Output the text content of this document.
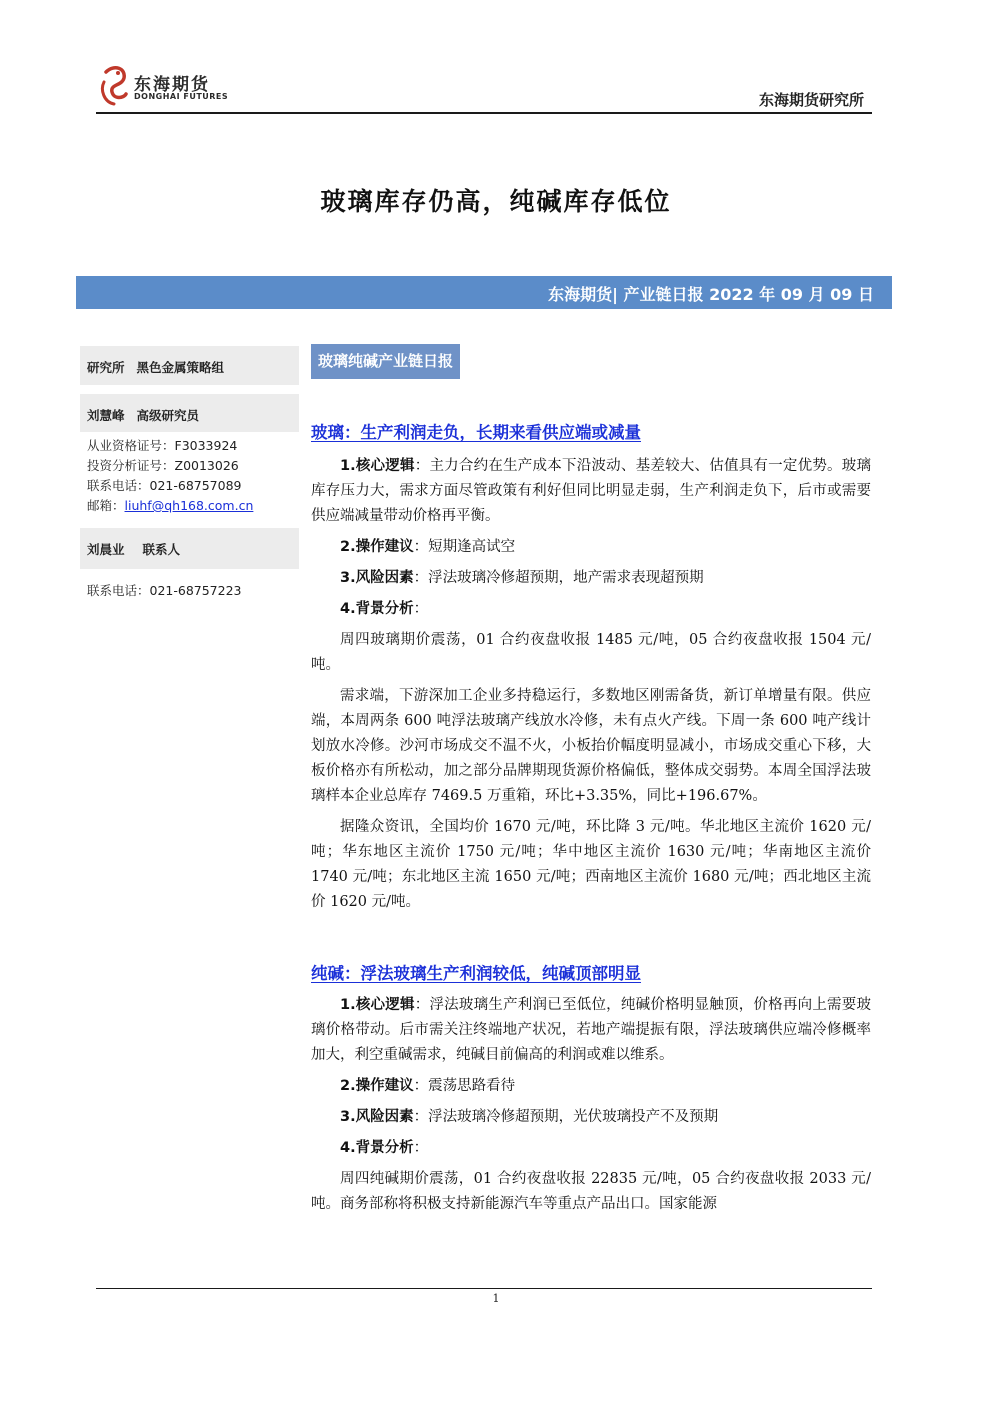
东海期货
DONGHAI FUTURES	东海期货研究所
玻璃库存仍高，纯碱库存低位
东海期货| 产业链日报 2022 年 09 月 09 日
研究所 黑色金属策略组
刘慧峰 高级研究员
从业资格证号：F3033924
投资分析证号：Z0013026
联系电话：021-68757089
邮箱：liuhf@qh168.com.cn
刘晨业 联系人
联系电话：021-68757223
玻璃纯碱产业链日报
玻璃：生产利润走负，长期来看供应端或减量

1.核心逻辑：主力合约在生产成本下沿波动、基差较大、估值具有一定优势。玻璃库存压力大，需求方面尽管政策有利好但同比明显走弱，生产利润走负下，后市或需要供应端减量带动价格再平衡。

2.操作建议：短期逢高试空

3.风险因素：浮法玻璃冷修超预期，地产需求表现超预期

4.背景分析：

周四玻璃期价震荡，01 合约夜盘收报 1485 元/吨，05 合约夜盘收报 1504 元/吨。

需求端，下游深加工企业多持稳运行，多数地区刚需备货，新订单增量有限。供应端，本周两条 600 吨浮法玻璃产线放水冷修，未有点火产线。下周一条 600 吨产线计划放水冷修。沙河市场成交不温不火，小板抬价幅度明显减小，市场成交重心下移，大板价格亦有所松动，加之部分品牌期现货源价格偏低，整体成交弱势。本周全国浮法玻璃样本企业总库存 7469.5 万重箱，环比+3.35%，同比+196.67%。

据隆众资讯，全国均价 1670 元/吨，环比降 3 元/吨。华北地区主流价 1620 元/吨；华东地区主流价 1750 元/吨；华中地区主流价 1630 元/吨；华南地区主流价 1740 元/吨；东北地区主流 1650 元/吨；西南地区主流价 1680 元/吨；西北地区主流价 1620 元/吨。

纯碱：浮法玻璃生产利润较低，纯碱顶部明显

1.核心逻辑：浮法玻璃生产利润已至低位，纯碱价格明显触顶，价格再向上需要玻璃价格带动。后市需关注终端地产状况，若地产端提振有限，浮法玻璃供应端冷修概率加大，利空重碱需求，纯碱目前偏高的利润或难以维系。

2.操作建议：震荡思路看待

3.风险因素：浮法玻璃冷修超预期，光伏玻璃投产不及预期

4.背景分析：

周四纯碱期价震荡，01 合约夜盘收报 22835 元/吨，05 合约夜盘收报 2033 元/吨。商务部称将积极支持新能源汽车等重点产品出口。国家能源

1
